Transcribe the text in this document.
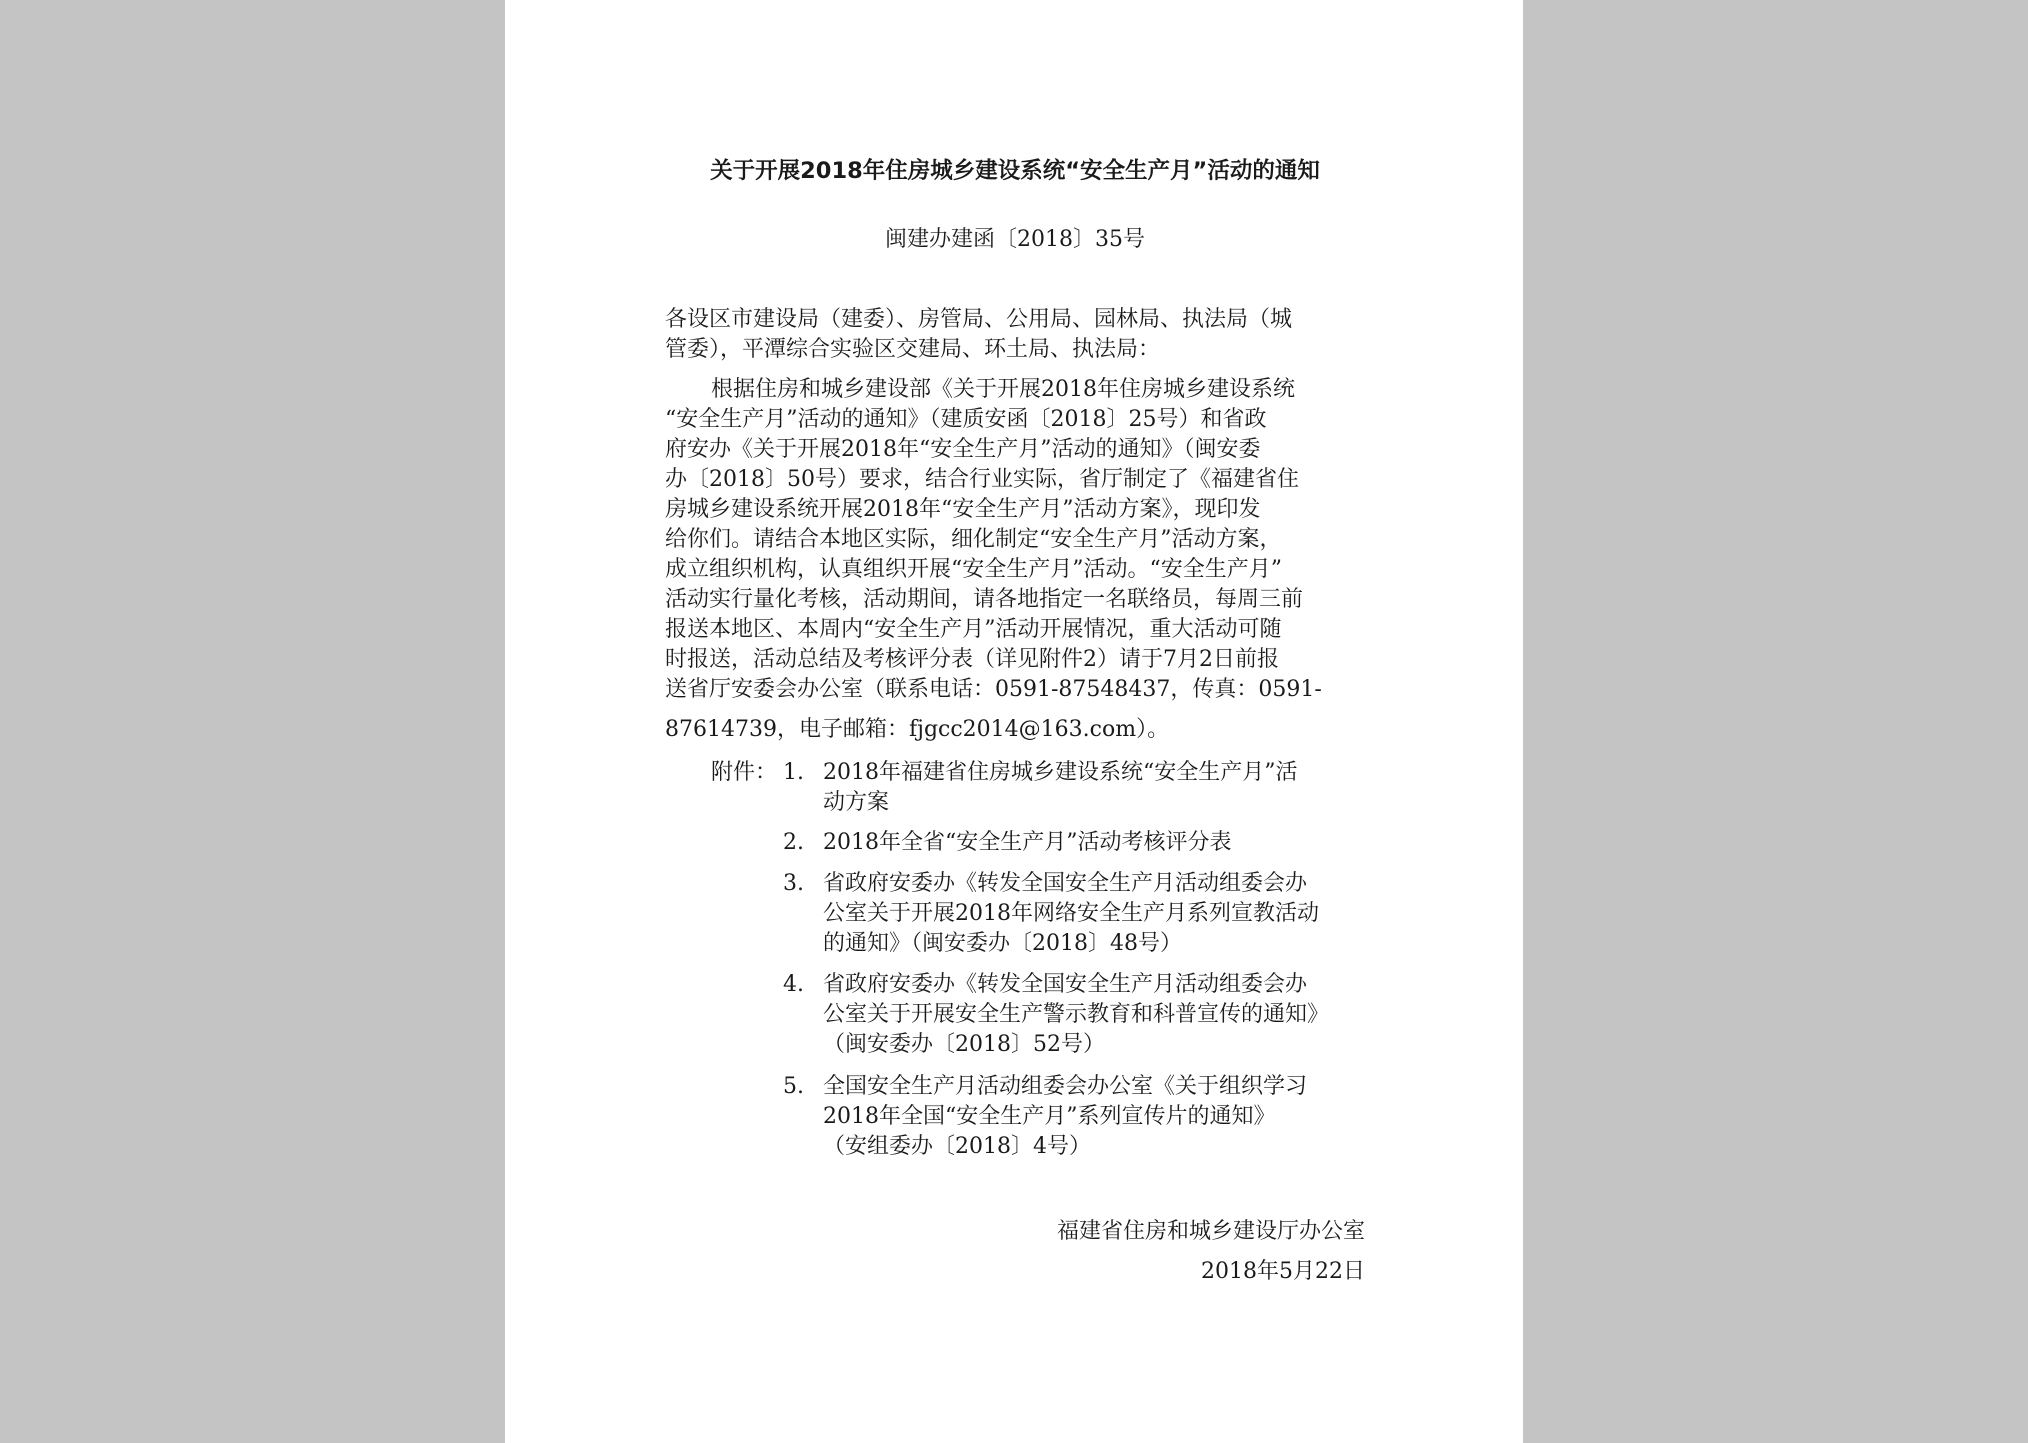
关于开展2018年住房城乡建设系统“安全生产月”活动的通知
闽建办建函〔2018〕35号
各设区市建设局（建委）、房管局、公用局、园林局、执法局（城
管委），平潭综合实验区交建局、环土局、执法局：
根据住房和城乡建设部《关于开展2018年住房城乡建设系统
“安全生产月”活动的通知》（建质安函〔2018〕25号）和省政
府安办《关于开展2018年“安全生产月”活动的通知》（闽安委
办〔2018〕50号）要求，结合行业实际，省厅制定了《福建省住
房城乡建设系统开展2018年“安全生产月”活动方案》，现印发
给你们。请结合本地区实际，细化制定“安全生产月”活动方案，
成立组织机构，认真组织开展“安全生产月”活动。“安全生产月”
活动实行量化考核，活动期间，请各地指定一名联络员，每周三前
报送本地区、本周内“安全生产月”活动开展情况，重大活动可随
时报送，活动总结及考核评分表（详见附件2）请于7月2日前报
送省厅安委会办公室（联系电话：0591-87548437，传真：0591-
87614739，电子邮箱：fjgcc2014@163.com）。
附件： 1. 2018年福建省住房城乡建设系统“安全生产月”活
动方案
2. 2018年全省“安全生产月”活动考核评分表
3. 省政府安委办《转发全国安全生产月活动组委会办
公室关于开展2018年网络安全生产月系列宣教活动
的通知》（闽安委办〔2018〕48号）
4. 省政府安委办《转发全国安全生产月活动组委会办
公室关于开展安全生产警示教育和科普宣传的通知》
（闽安委办〔2018〕52号）
5. 全国安全生产月活动组委会办公室《关于组织学习
2018年全国“安全生产月”系列宣传片的通知》
（安组委办〔2018〕4号）
福建省住房和城乡建设厅办公室
2018年5月22日
